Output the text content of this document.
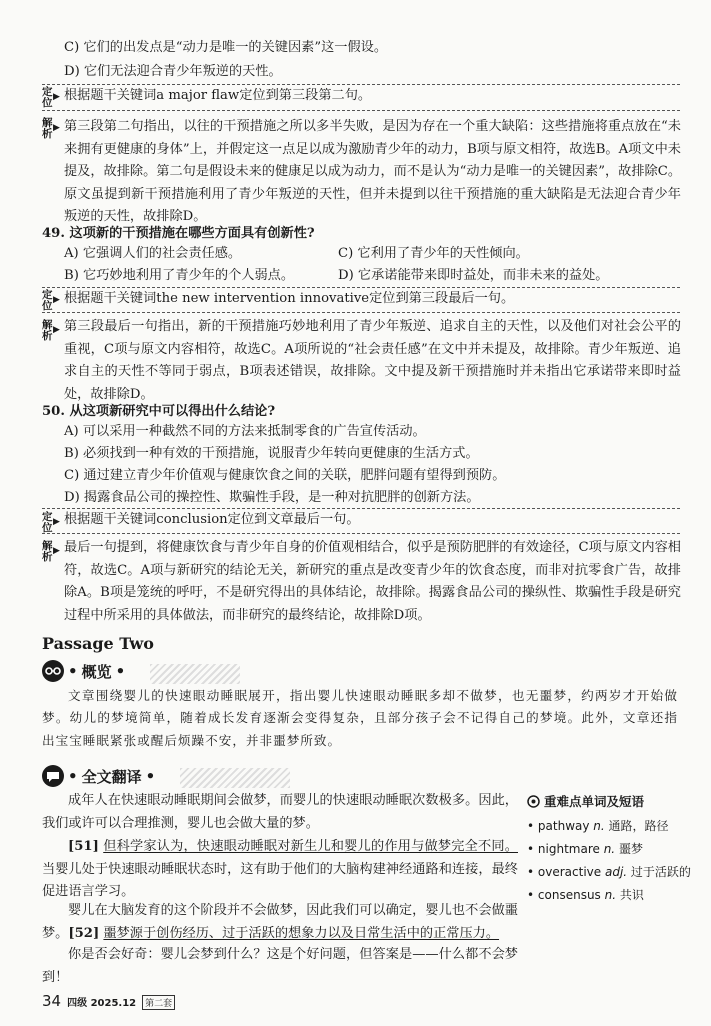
C) 它们的出发点是“动力是唯一的关键因素”这一假设。
D) 它们无法迎合青少年叛逆的天性。
定位 ▶ 根据题干关键词a major flaw定位到第三段第二句。
解析 ▶ 第三段第二句指出，以往的干预措施之所以多半失败，是因为存在一个重大缺陷：这些措施将重点放在“未来拥有更健康的身体”上，并假定这一点足以成为激励青少年的动力，B项与原文相符，故选B。A项文中未提及，故排除。第二句是假设未来的健康足以成为动力，而不是认为“动力是唯一的关键因素”，故排除C。原文虽提到新干预措施利用了青少年叛逆的天性，但并未提到以往干预措施的重大缺陷是无法迎合青少年叛逆的天性，故排除D。
49. 这项新的干预措施在哪些方面具有创新性?
A) 它强调人们的社会责任感。	C) 它利用了青少年的天性倾向。
B) 它巧妙地利用了青少年的个人弱点。	D) 它承诺能带来即时益处，而非未来的益处。
定位 ▶ 根据题干关键词the new intervention innovative定位到第三段最后一句。
解析 ▶ 第三段最后一句指出，新的干预措施巧妙地利用了青少年叛逆、追求自主的天性，以及他们对社会公平的重视，C项与原文内容相符，故选C。A项所说的“社会责任感”在文中并未提及，故排除。青少年叛逆、追求自主的天性不等同于弱点，B项表述错误，故排除。文中提及新干预措施时并未指出它承诺带来即时益处，故排除D。
50. 从这项新研究中可以得出什么结论?
A) 可以采用一种截然不同的方法来抵制零食的广告宣传活动。
B) 必须找到一种有效的干预措施，说服青少年转向更健康的生活方式。
C) 通过建立青少年价值观与健康饮食之间的关联，肥胖问题有望得到预防。
D) 揭露食品公司的操控性、欺骗性手段，是一种对抗肥胖的创新方法。
定位 ▶ 根据题干关键词conclusion定位到文章最后一句。
解析 ▶ 最后一句提到，将健康饮食与青少年自身的价值观相结合，似乎是预防肥胖的有效途径，C项与原文内容相符，故选C。A项与新研究的结论无关，新研究的重点是改变青少年的饮食态度，而非对抗零食广告，故排除A。B项是笼统的呼吁，不是研究得出的具体结论，故排除。揭露食品公司的操纵性、欺骗性手段是研究过程中所采用的具体做法，而非研究的最终结论，故排除D项。
Passage Two
• 概览 •
文章围绕婴儿的快速眼动睡眠展开，指出婴儿快速眼动睡眠多却不做梦，也无噩梦，约两岁才开始做梦。幼儿的梦境简单，随着成长发育逐渐会变得复杂，且部分孩子会不记得自己的梦境。此外，文章还指出宝宝睡眠紧张或醒后烦躁不安，并非噩梦所致。
• 全文翻译 •
成年人在快速眼动睡眠期间会做梦，而婴儿的快速眼动睡眠次数极多。因此，我们或许可以合理推测，婴儿也会做大量的梦。
[51] 但科学家认为，快速眼动睡眠对新生儿和婴儿的作用与做梦完全不同。当婴儿处于快速眼动睡眠状态时，这有助于他们的大脑构建神经通路和连接，最终促进语言学习。
婴儿在大脑发育的这个阶段并不会做梦，因此我们可以确定，婴儿也不会做噩梦。[52] 噩梦源于创伤经历、过于活跃的想象力以及日常生活中的正常压力。
你是否会好奇：婴儿会梦到什么？这是个好问题，但答案是——什么都不会梦到！
重难点单词及短语
• pathway n. 通路，路径
• nightmare n. 噩梦
• overactive adj. 过于活跃的
• consensus n. 共识
34 四级 2025.12	第二套
